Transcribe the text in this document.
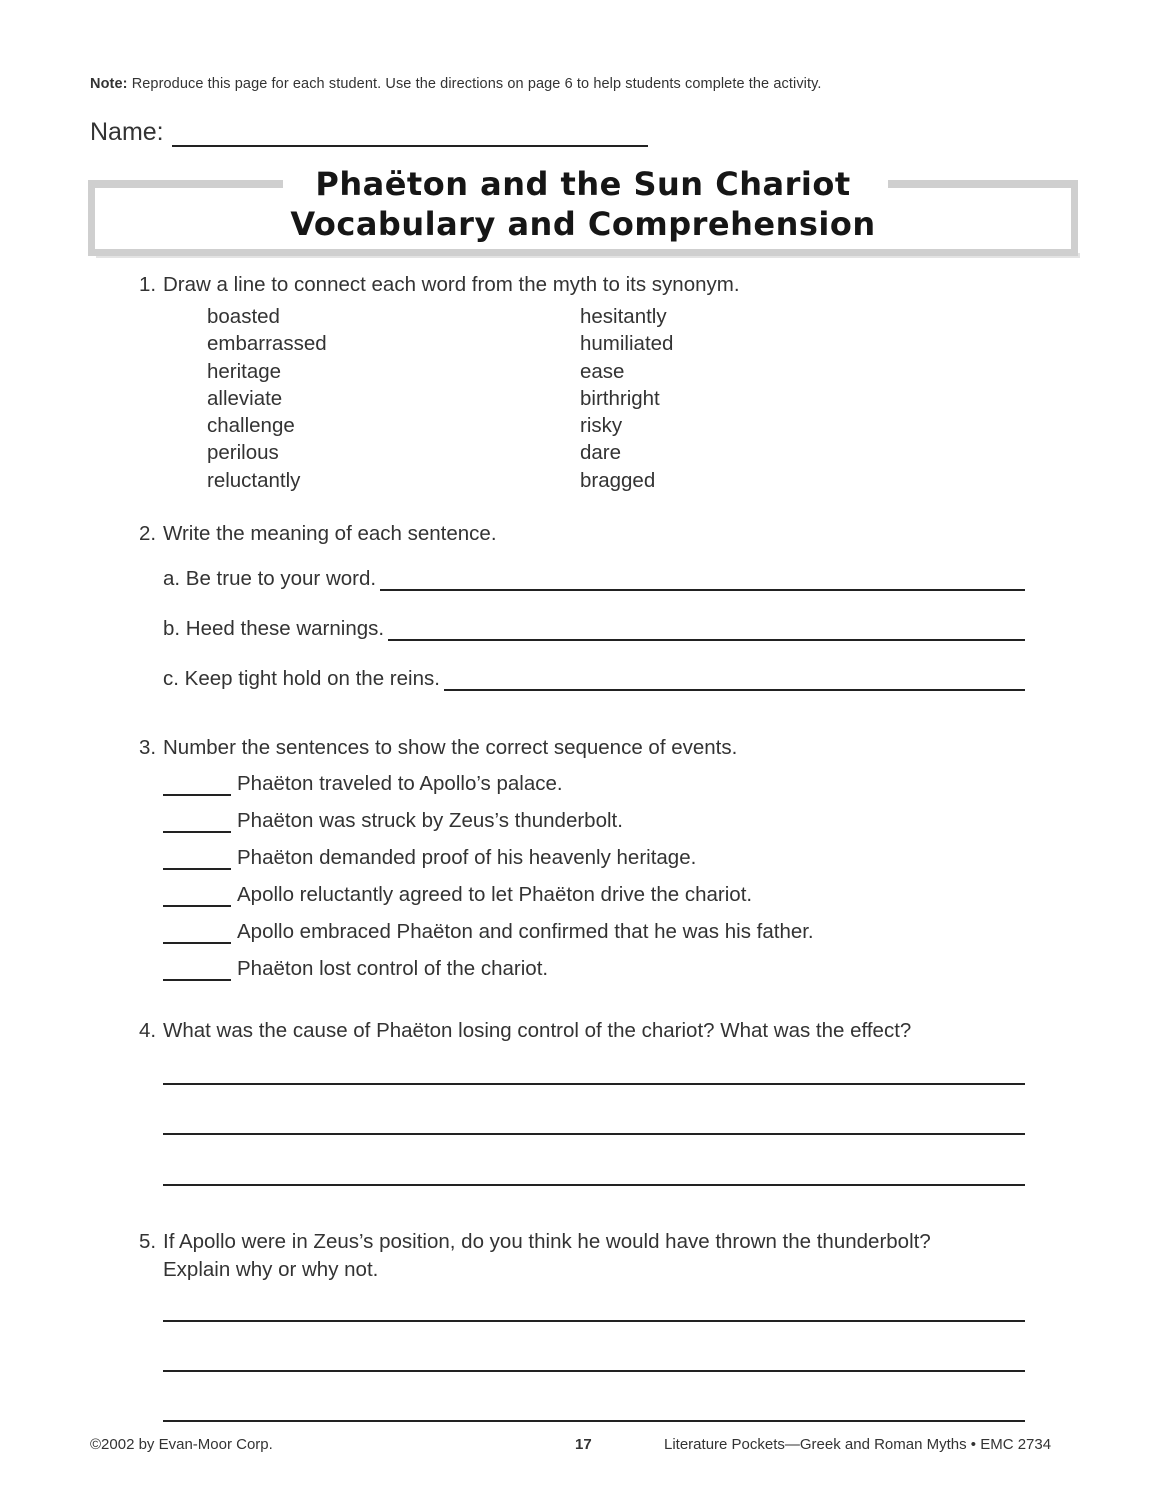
Note: Reproduce this page for each student. Use the directions on page 6 to help students complete the activity.
Name:
Phaëton and the Sun Chariot
Vocabulary and Comprehension
1. Draw a line to connect each word from the myth to its synonym.
boasted
embarrassed
heritage
alleviate
challenge
perilous
reluctantly
hesitantly
humiliated
ease
birthright
risky
dare
bragged
2. Write the meaning of each sentence.
a. Be true to your word.
b. Heed these warnings.
c. Keep tight hold on the reins.
3. Number the sentences to show the correct sequence of events.
Phaëton traveled to Apollo’s palace.
Phaëton was struck by Zeus’s thunderbolt.
Phaëton demanded proof of his heavenly heritage.
Apollo reluctantly agreed to let Phaëton drive the chariot.
Apollo embraced Phaëton and confirmed that he was his father.
Phaëton lost control of the chariot.
4. What was the cause of Phaëton losing control of the chariot? What was the effect?
5. If Apollo were in Zeus’s position, do you think he would have thrown the thunderbolt?
Explain why or why not.
©2002 by Evan-Moor Corp.	17	Literature Pockets—Greek and Roman Myths • EMC 2734
